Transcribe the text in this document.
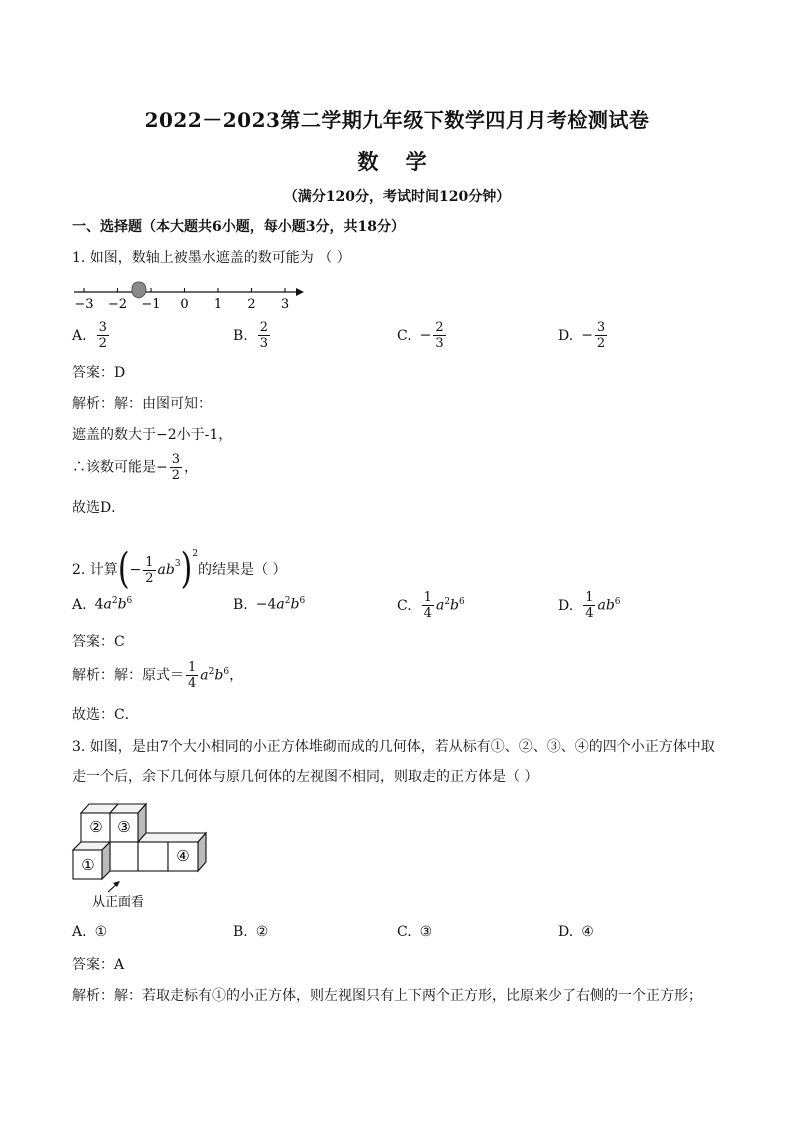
2022－2023第二学期九年级下数学四月月考检测试卷
数 学
（满分120分，考试时间120分钟）
一、选择题（本大题共6小题，每小题3分，共18分）
1. 如图，数轴上被墨水遮盖的数可能为 （ ）
−3 −2 −1 0 1 2 3
A. $\frac{3}{2}$	B. $\frac{2}{3}$	C. − $\frac{2}{3}$	D. − $\frac{3}{2}$
答案：D
解析：解：由图可知：
遮盖的数大于−2小于-1，
∴该数可能是− $\frac{3}{2}$ ，
故选D．
2. 计算(− $\frac{1}{2} ab^3)^2$的结果是（ ）
A. $4a^2b^6$	B. $-4a^2b^6$	C. $\frac{1}{4} a^2b^6$	D. $\frac{1}{4} ab^6$
答案：C
解析：解：原式＝ $\frac{1}{4} a^2b^6$，
故选：C．
3. 如图，是由7个大小相同的小正方体堆砌而成的几何体，若从标有①、②、③、④的四个小正方体中取
走一个后，余下几何体与原几何体的左视图不相同，则取走的正方体是（ ）
② ③
①	④
从正面看
A. ①	B. ②	C. ③	D. ④
答案：A
解析：解：若取走标有①的小正方体，则左视图只有上下两个正方形，比原来少了右侧的一个正方形；
